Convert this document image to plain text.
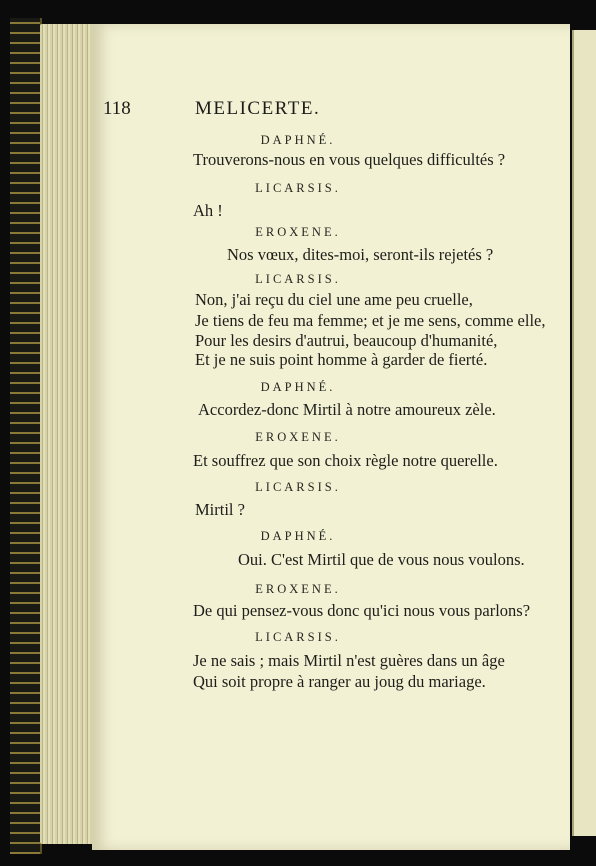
118	MELICERTE.
DAPHNÉ.
Trouverons-nous en vous quelques difficultés ?
LICARSIS.
Ah !
EROXENE.
Nos vœux, dites-moi, seront-ils rejetés ?
LICARSIS.
Non, j'ai reçu du ciel une ame peu cruelle,
Je tiens de feu ma femme; et je me sens, comme elle,
Pour les desirs d'autrui, beaucoup d'humanité,
Et je ne suis point homme à garder de fierté.
DAPHNÉ.
Accordez-donc Mirtil à notre amoureux zèle.
EROXENE.
Et souffrez que son choix règle notre querelle.
LICARSIS.
Mirtil ?
DAPHNÉ.
Oui. C'est Mirtil que de vous nous voulons.
EROXENE.
De qui pensez-vous donc qu'ici nous vous parlons?
LICARSIS.
Je ne sais ; mais Mirtil n'est guères dans un âge
Qui soit propre à ranger au joug du mariage.
